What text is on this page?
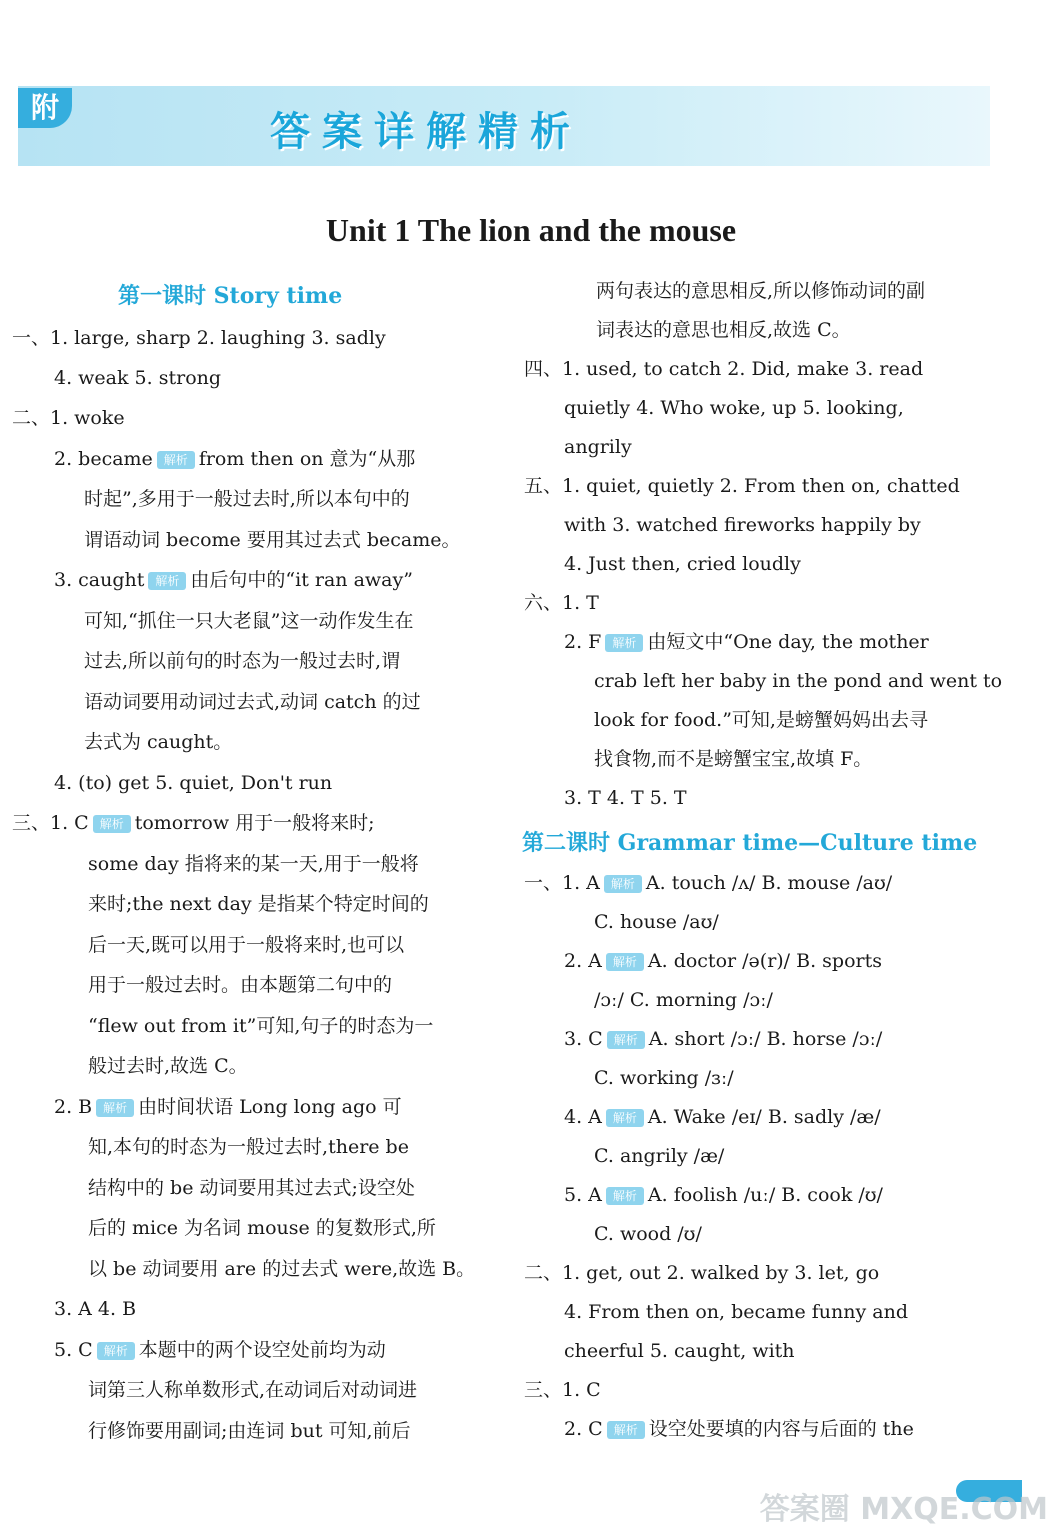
附
答案详解精析
Unit 1 The lion and the mouse
第一课时 Story time
一、1. large, sharp 2. laughing 3. sadly
4. weak 5. strong
二、1. woke
2. became 解析 from then on 意为“从那
时起”,多用于一般过去时,所以本句中的
谓语动词 become 要用其过去式 became。
3. caught 解析 由后句中的“it ran away”
可知,“抓住一只大老鼠”这一动作发生在
过去,所以前句的时态为一般过去时,谓
语动词要用动词过去式,动词 catch 的过
去式为 caught。
4. (to) get 5. quiet, Don't run
三、1. C 解析 tomorrow 用于一般将来时;
some day 指将来的某一天,用于一般将
来时;the next day 是指某个特定时间的
后一天,既可以用于一般将来时,也可以
用于一般过去时。由本题第二句中的
“flew out from it”可知,句子的时态为一
般过去时,故选 C。
2. B 解析 由时间状语 Long long ago 可
知,本句的时态为一般过去时,there be
结构中的 be 动词要用其过去式;设空处
后的 mice 为名词 mouse 的复数形式,所
以 be 动词要用 are 的过去式 were,故选 B。
3. A 4. B
5. C 解析 本题中的两个设空处前均为动
词第三人称单数形式,在动词后对动词进
行修饰要用副词;由连词 but 可知,前后
两句表达的意思相反,所以修饰动词的副
词表达的意思也相反,故选 C。
四、1. used, to catch 2. Did, make 3. read
quietly 4. Who woke, up 5. looking,
angrily
五、1. quiet, quietly 2. From then on, chatted
with 3. watched fireworks happily by
4. Just then, cried loudly
六、1. T
2. F 解析 由短文中“One day, the mother
crab left her baby in the pond and went to
look for food.”可知,是螃蟹妈妈出去寻
找食物,而不是螃蟹宝宝,故填 F。
3. T 4. T 5. T
第二课时 Grammar time—Culture time
一、1. A 解析 A. touch /ʌ/ B. mouse /aʊ/
C. house /aʊ/
2. A 解析 A. doctor /ə(r)/ B. sports
/ɔː/ C. morning /ɔː/
3. C 解析 A. short /ɔː/ B. horse /ɔː/
C. working /ɜː/
4. A 解析 A. Wake /eɪ/ B. sadly /æ/
C. angrily /æ/
5. A 解析 A. foolish /uː/ B. cook /ʊ/
C. wood /ʊ/
二、1. get, out 2. walked by 3. let, go
4. From then on, became funny and
cheerful 5. caught, with
三、1. C
2. C 解析 设空处要填的内容与后面的 the
答案圈 MXQE.COM
